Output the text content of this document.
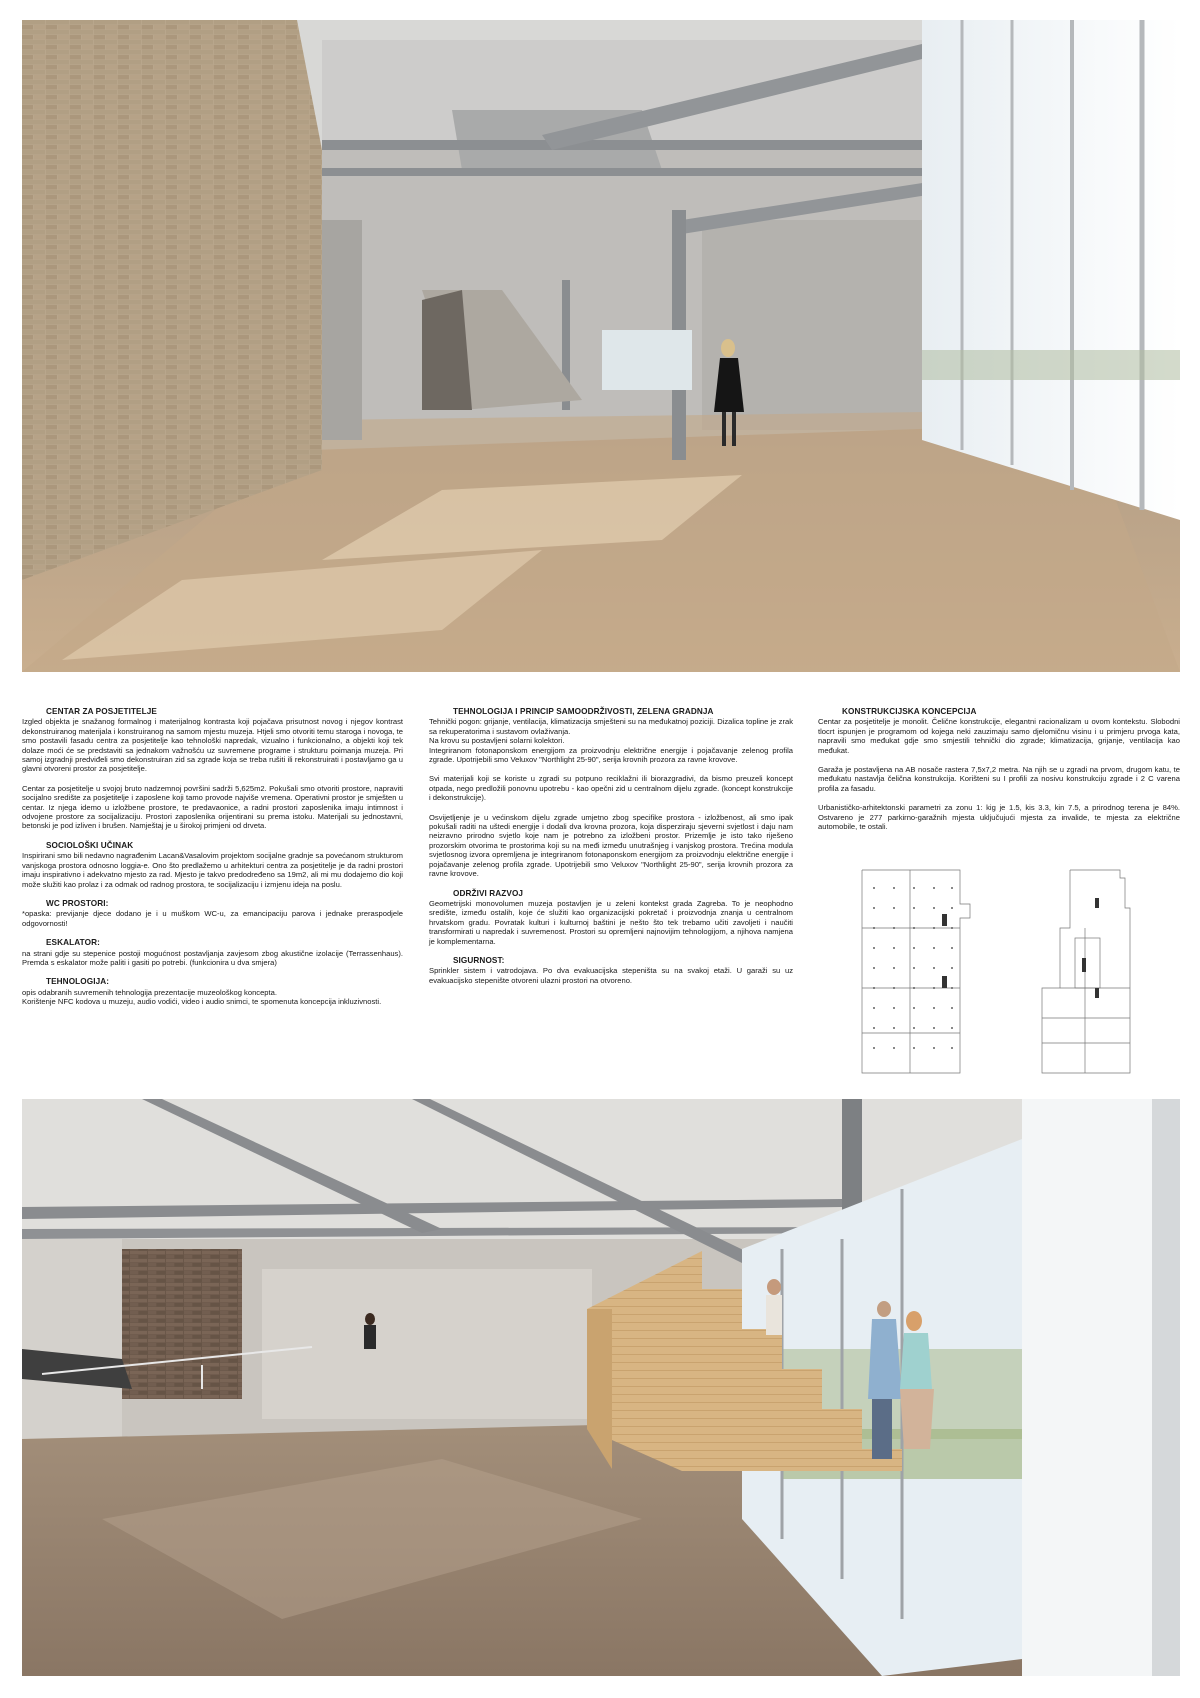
CENTAR ZA POSJETITELJE

Izgled objekta je snažanog formalnog i materijalnog kontrasta koji pojačava prisutnost novog i njegov kontrast dekonstruiranog materijala i konstruiranog na samom mjestu muzeja. Htjeli smo otvoriti temu staroga i novoga, te smo postavili fasadu centra za posjetitelje kao tehnološki napredak, vizualno i funkcionalno, a objekti koji tek dolaze moći će se predstaviti sa jednakom važnošću uz suvremene programe i strukturu poimanja muzeja. Pri samoj izgradnji predviđeli smo dekonstruiran zid sa zgrade koja se treba rušiti ili rekonstruirati i postavljamo ga u glavni otvoreni prostor za posjetitelje.

Centar za posjetitelje u svojoj bruto nadzemnoj površini sadrži 5,625m2. Pokušali smo otvoriti prostore, napraviti socijalno središte za posjetitelje i zaposlene koji tamo provode najviše vremena. Operativni prostor je smješten u centar. Iz njega idemo u izložbene prostore, te predavaonice, a radni prostori zaposlenika imaju intimnost i odvojene prostore za socijalizaciju. Prostori zaposlenika orijentirani su prema istoku. Materijali su jednostavni, betonski je pod izliven i brušen. Namještaj je u širokoj primjeni od drveta.

SOCIOLOŠKI UČINAK

Inspirirani smo bili nedavno nagrađenim Lacan&Vasalovim projektom socijalne gradnje sa povećanom strukturom vanjskoga prostora odnosno loggia-e. Ono što predlažemo u arhitekturi centra za posjetitelje je da radni prostori imaju inspirativno i adekvatno mjesto za rad. Mjesto je takvo predodređeno sa 19m2, ali mi mu dodajemo dio koji može služiti kao prolaz i za odmak od radnog prostora, te socijalizaciju i izmjenu ideja na poslu.

WC PROSTORI:

*opaska: previjanje djece dodano je i u muškom WC-u, za emancipaciju parova i jednake preraspodjele odgovornosti!

ESKALATOR:

na strani gdje su stepenice postoji mogućnost postavljanja zavjesom zbog akustične izolacije (Terrassenhaus). Premda s eskalator može paliti i gasiti po potrebi. (funkcionira u dva smjera)

TEHNOLOGIJA:

opis odabranih suvremenih tehnologija prezentacije muzeološkog koncepta.

Korištenje NFC kodova u muzeju, audio vodići, video i audio snimci, te spomenuta koncepcija inkluzivnosti.

TEHNOLOGIJA I PRINCIP SAMOODRŽIVOSTI, ZELENA GRADNJA

Tehnički pogon: grijanje, ventilacija, klimatizacija smješteni su na međukatnoj poziciji. Dizalica topline je zrak sa rekuperatorima i sustavom ovlaživanja.

Na krovu su postavljeni solarni kolektori.

Integriranom fotonaponskom energijom za proizvodnju električne energije i pojačavanje zelenog profila zgrade. Upotrijebili smo Veluxov "Northlight 25-90", serija krovnih prozora za ravne krovove.

Svi materijali koji se koriste u zgradi su potpuno reciklažni ili biorazgradivi, da bismo preuzeli koncept otpada, nego predložili ponovnu upotrebu - kao opečni zid u centralnom dijelu zgrade. (koncept konstrukcije i dekonstrukcije).

Osvijetljenje je u većinskom dijelu zgrade umjetno zbog specifike prostora - izložbenost, ali smo ipak pokušali raditi na uštedi energije i dodali dva krovna prozora, koja disperziraju sjeverni svjetlost i daju nam neizravno prirodno svjetlo koje nam je potrebno za izložbeni prostor. Prizemlje je isto tako riješeno prozorskim otvorima te prostorima koji su na međi između unutrašnjeg i vanjskog prostora. Trećina modula svjetlosnog izvora opremljena je integriranom fotonaponskom energijom za proizvodnju električne energije i pojačavanje zelenog profila zgrade. Upotrijebili smo Veluxov "Northlight 25-90", serija krovnih prozora za ravne krovove.

ODRŽIVI RAZVOJ

Geometrijski monovolumen muzeja postavljen je u zeleni kontekst grada Zagreba. To je neophodno središte, između ostalih, koje će služiti kao organizacijski pokretač i proizvodnja znanja u centralnom hrvatskom gradu. Povratak kulturi i kulturnoj baštini je nešto što tek trebamo učiti zavoljeti i naučiti transformirati u napredak i suvremenost. Prostori su opremljeni najnovijim tehnologijom, a njihova namjena je komplementarna.

SIGURNOST:

Sprinkler sistem i vatrodojava. Po dva evakuacijska stepeništa su na svakoj etaži. U garaži su uz evakuacijsko stepenište otvoreni ulazni prostori na otvoreno.

KONSTRUKCIJSKA KONCEPCIJA

Centar za posjetitelje je monolit. Čelične konstrukcije, elegantni racionalizam u ovom kontekstu. Slobodni tlocrt ispunjen je programom od kojega neki zauzimaju samo djelomičnu visinu i u primjeru prvoga kata, napravili smo međukat gdje smo smjestili tehnički dio zgrade; klimatizacija, grijanje, ventilacija kao međukat.

Garaža je postavljena na AB nosače rastera 7,5x7,2 metra. Na njih se u zgradi na prvom, drugom katu, te međukatu nastavlja čelična konstrukcija. Korišteni su I profili za nosivu konstrukciju zgrade i 2 C varena profila za fasadu.

Urbanističko-arhitektonski parametri za zonu 1: kig je 1.5, kis 3.3, kin 7.5, a prirodnog terena je 84%. Ostvareno je 277 parkirno-garažnih mjesta uključujući mjesta za invalide, te mjesta za električne automobile, te ostali.
